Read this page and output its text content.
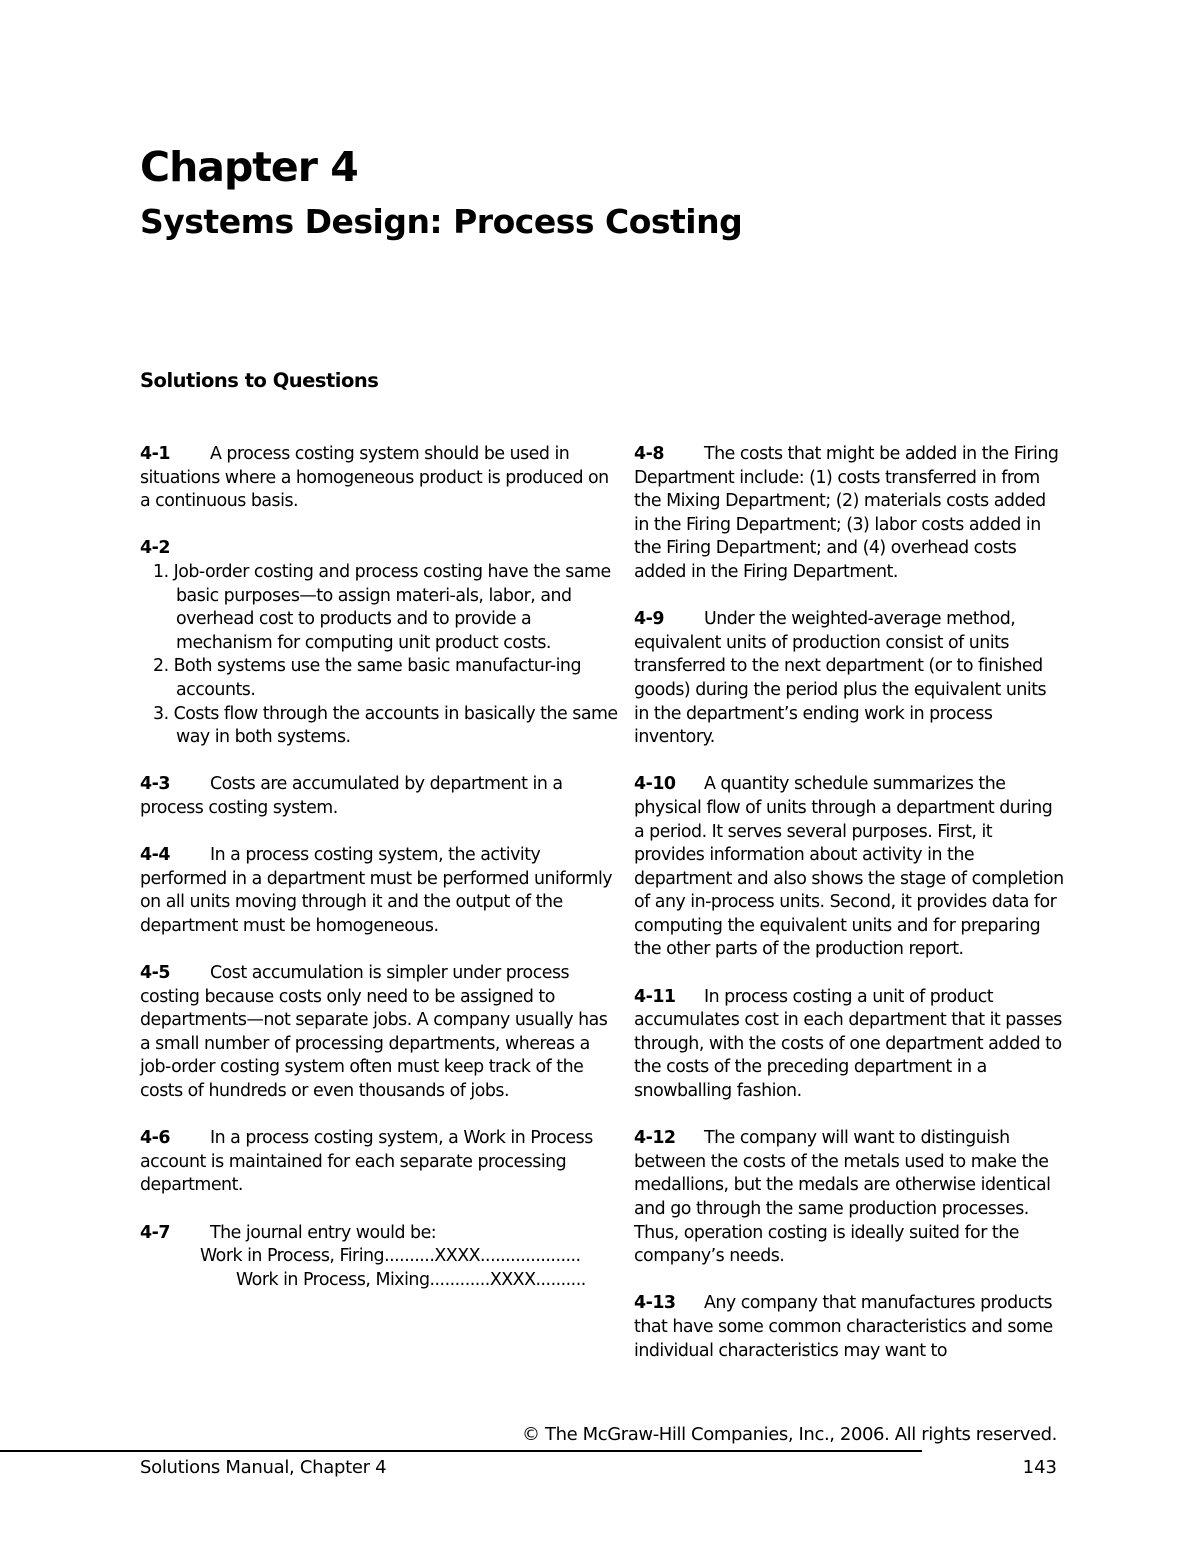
Chapter 4
Systems Design: Process Costing
Solutions to Questions

4-1 A process costing system should be used in situations where a homogeneous product is produced on a continuous basis.

4-2
1. Job-order costing and process costing have the same basic purposes—to assign materi-als, labor, and overhead cost to products and to provide a mechanism for computing unit product costs.
2. Both systems use the same basic manufactur-ing accounts.
3. Costs flow through the accounts in basically the same way in both systems.

4-3 Costs are accumulated by department in a process costing system.

4-4 In a process costing system, the activity performed in a department must be performed uniformly on all units moving through it and the output of the department must be homogeneous.

4-5 Cost accumulation is simpler under process costing because costs only need to be assigned to departments—not separate jobs. A company usually has a small number of processing departments, whereas a job-order costing system often must keep track of the costs of hundreds or even thousands of jobs.

4-6 In a process costing system, a Work in Process account is maintained for each separate processing department.

4-7 The journal entry would be:
Work in Process, Firing..........XXXX....................
Work in Process, Mixing............XXXX..........

4-8 The costs that might be added in the Firing Department include: (1) costs transferred in from the Mixing Department; (2) materials costs added in the Firing Department; (3) labor costs added in the Firing Department; and (4) overhead costs added in the Firing Department.

4-9 Under the weighted-average method, equivalent units of production consist of units transferred to the next department (or to finished goods) during the period plus the equivalent units in the department’s ending work in process inventory.

4-10 A quantity schedule summarizes the physical flow of units through a department during a period. It serves several purposes. First, it provides information about activity in the department and also shows the stage of completion of any in-process units. Second, it provides data for computing the equivalent units and for preparing the other parts of the production report.

4-11 In process costing a unit of product accumulates cost in each department that it passes through, with the costs of one department added to the costs of the preceding department in a snowballing fashion.

4-12 The company will want to distinguish between the costs of the metals used to make the medallions, but the medals are otherwise identical and go through the same production processes. Thus, operation costing is ideally suited for the company’s needs.

4-13 Any company that manufactures products that have some common characteristics and some individual characteristics may want to

© The McGraw-Hill Companies, Inc., 2006. All rights reserved.
Solutions Manual, Chapter 4	143
